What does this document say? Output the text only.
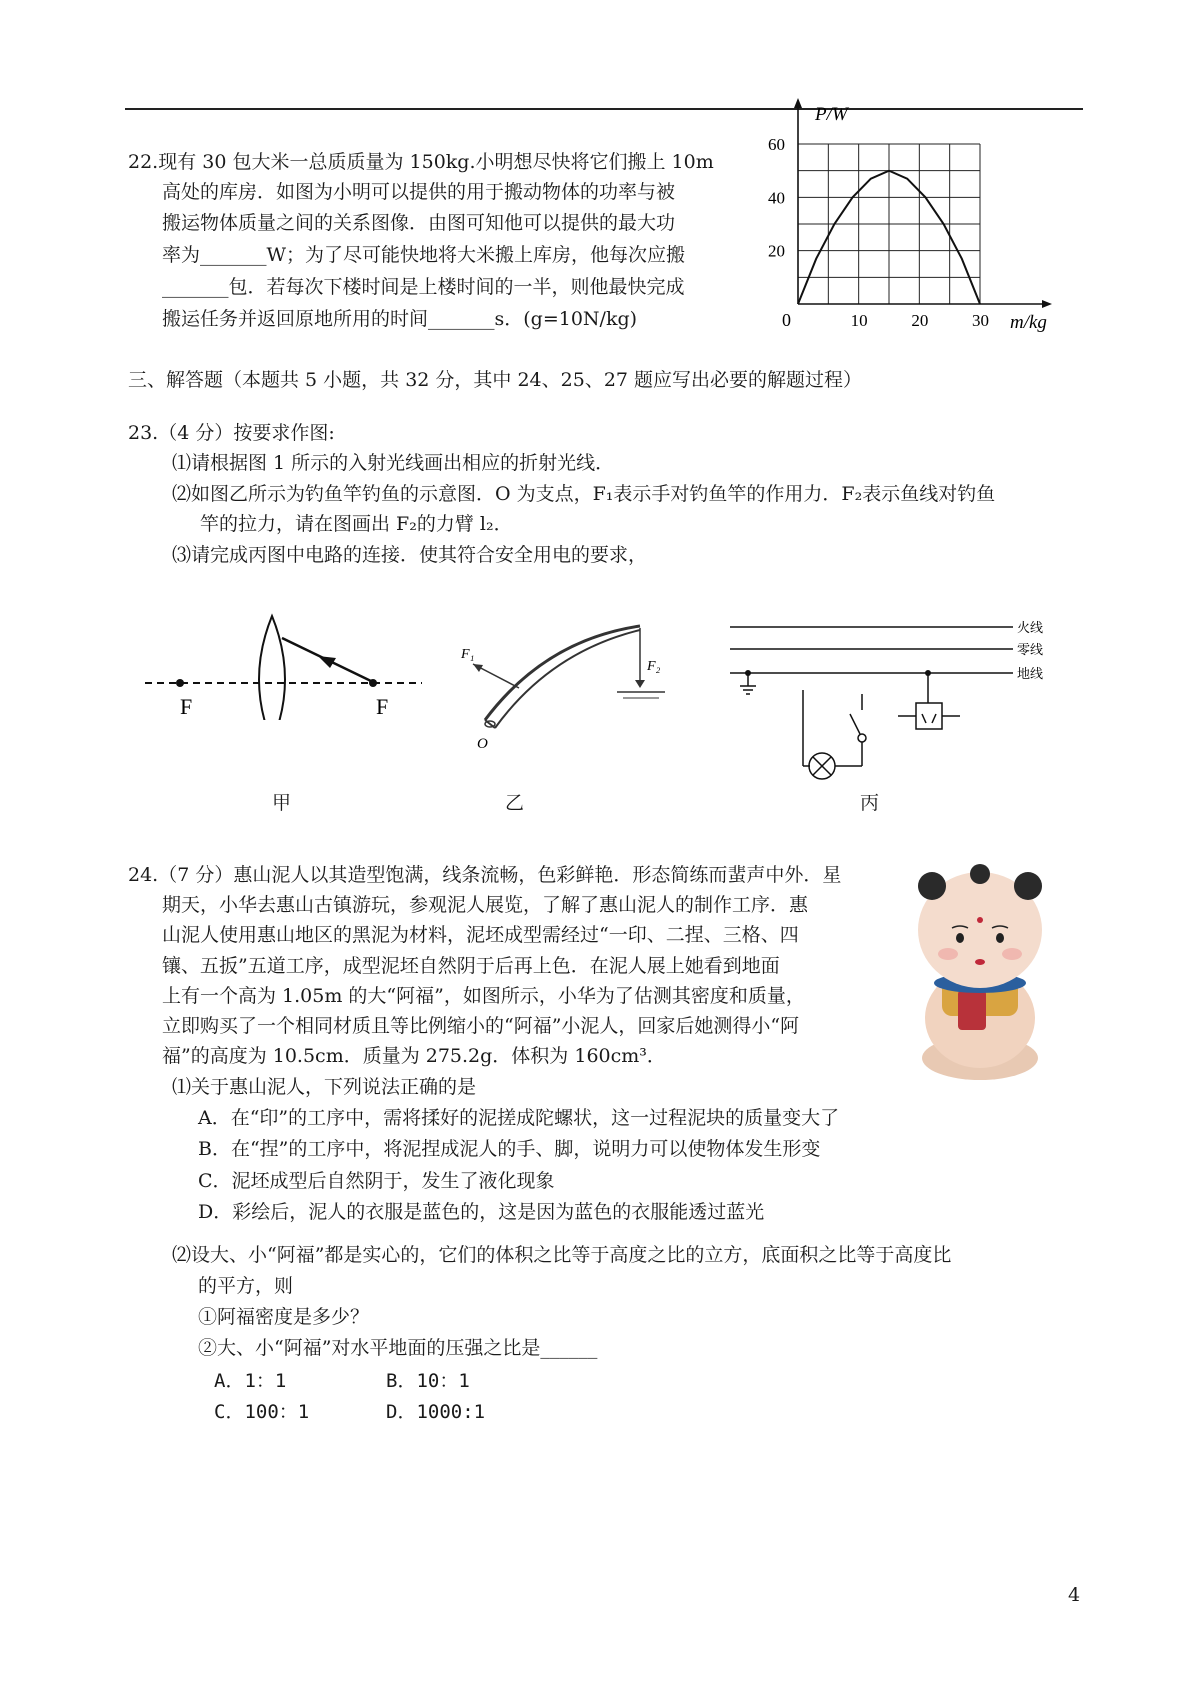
22.现有 30 包大米一总质质量为 150kg.小明想尽快将它们搬上 10m
高处的库房．如图为小明可以提供的用于搬动物体的功率与被
搬运物体质量之间的关系图像．由图可知他可以提供的最大功
率为_______W；为了尽可能快地将大米搬上库房，他每次应搬
_______包．若每次下楼时间是上楼时间的一半，则他最快完成
搬运任务并返回原地所用的时间_______s．(g=10N/kg)	10	20	30
20
40
60
P/W
m/kg
0
三、解答题（本题共 5 小题，共 32 分，其中 24、25、27 题应写出必要的解题过程）
23.（4 分）按要求作图:
⑴请根据图 1 所示的入射光线画出相应的折射光线．
⑵如图乙所示为钓鱼竿钓鱼的示意图．O 为支点，F₁表示手对钓鱼竿的作用力．F₂表示鱼线对钓鱼
竿的拉力，请在图画出 F₂的力臂 l₂．
⑶请完成丙图中电路的连接．使其符合安全用电的要求，
F	F
甲
F₁
F₂
O
乙
火线
零线
地线
丙
24.（7 分）惠山泥人以其造型饱满，线条流畅，色彩鲜艳．形态简练而蜚声中外．星
期天，小华去惠山古镇游玩，参观泥人展览，了解了惠山泥人的制作工序．惠
山泥人使用惠山地区的黑泥为材料，泥坯成型需经过“一印、二捏、三格、四
镶、五扳”五道工序，成型泥坯自然阴于后再上色．在泥人展上她看到地面
上有一个高为 1.05m 的大“阿福”，如图所示，小华为了估测其密度和质量，
立即购买了一个相同材质且等比例缩小的“阿福”小泥人，回家后她测得小“阿
福”的高度为 10.5cm．质量为 275.2g．体积为 160cm³．
⑴关于惠山泥人，下列说法正确的是
A．在“印”的工序中，需将揉好的泥搓成陀螺状，这一过程泥块的质量变大了
B．在“捏”的工序中，将泥捏成泥人的手、脚，说明力可以使物体发生形变
C．泥坯成型后自然阴于，发生了液化现象
D．彩绘后，泥人的衣服是蓝色的，这是因为蓝色的衣服能透过蓝光
⑵设大、小“阿福”都是实心的，它们的体积之比等于高度之比的立方，底面积之比等于高度比
的平方，则
①阿福密度是多少？
②大、小“阿福”对水平地面的压强之比是______
A．1：1	B．10：1
C．100：1	D．1000:1
4
